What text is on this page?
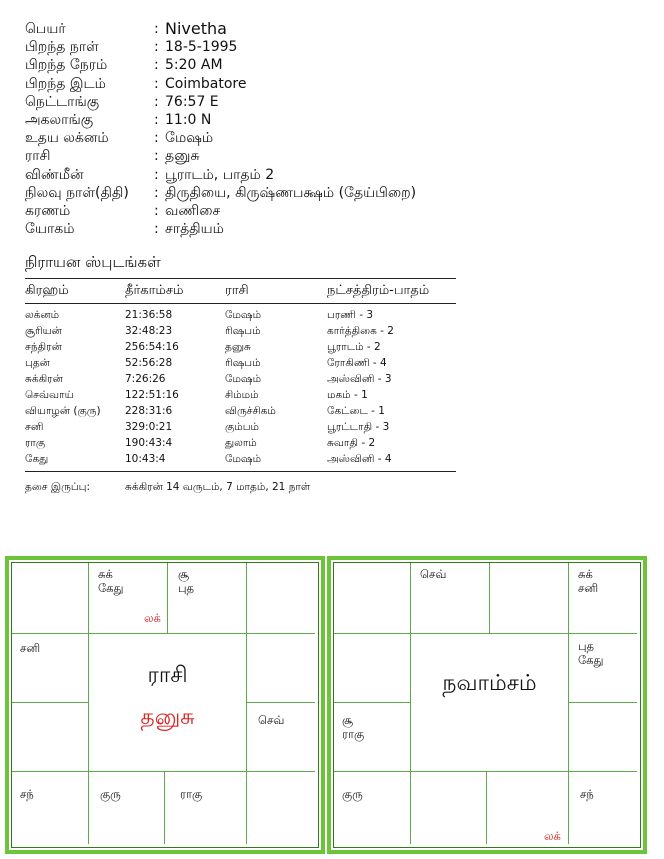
பெயர்	: Nivetha
பிறந்த நாள்	: 18-5-1995
பிறந்த நேரம்	: 5:20 AM
பிறந்த இடம்	: Coimbatore
நெட்டாங்கு	: 76:57 E
அகலாங்கு	: 11:0 N
உதய லக்னம்	: மேஷம்
ராசி	: தனுசு
விண்மீன்	: பூராடம், பாதம் 2
நிலவு நாள்(திதி) : திருதியை, கிருஷ்ணபக்ஷம் (தேய்பிறை)
கரணம்	: வணிசை
யோகம்	: சாத்தியம்
நிராயன ஸ்புடங்கள்
கிரஹம்	தீர்காம்சம்	ராசி	நட்சத்திரம்-பாதம்
லக்னம்	21:36:58	மேஷம்	பரணி - 3
சூரியன்	32:48:23	ரிஷபம்	கார்த்திகை - 2
சந்திரன்	256:54:16	தனுசு	பூராடம் - 2
புதன்	52:56:28	ரிஷபம்	ரோகிணி - 4
சுக்கிரன்	7:26:26	மேஷம்	அஸ்வினி - 3
செவ்வாய்	122:51:16	சிம்மம்	மகம் - 1
வியாழன் (குரு) 228:31:6	விருச்சிகம்	கேட்டை - 1
சனி	329:0:21	கும்பம்	பூரட்டாதி - 3
ராகு	190:43:4	துலாம்	சுவாதி - 2
கேது	10:43:4	மேஷம்	அஸ்வினி - 4
தசை இருப்பு:	சுக்கிரன் 14 வருடம், 7 மாதம், 21 நாள்
சுக்
கேது
லக்
சூ
புத
சனி
செவ்
சந்	குரு	ராகு
ராசி
தனுசு
செவ்	சுக்
சனி
புத
கேது
சூ
ராகு
குரு
லக்
சந்
நவாம்சம்
